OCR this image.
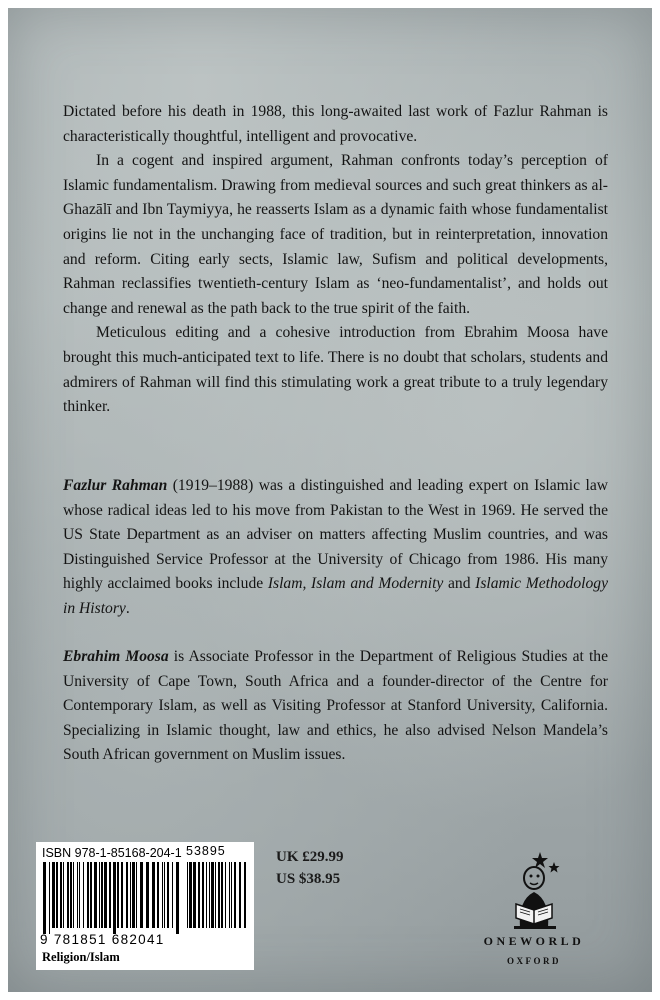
Dictated before his death in 1988, this long-awaited last work of Fazlur Rahman is characteristically thoughtful, intelligent and provocative.

In a cogent and inspired argument, Rahman confronts today’s perception of Islamic fundamentalism. Drawing from medieval sources and such great thinkers as al-Ghazālī and Ibn Taymiyya, he reasserts Islam as a dynamic faith whose fundamentalist origins lie not in the unchanging face of tradition, but in reinterpretation, innovation and reform. Citing early sects, Islamic law, Sufism and political developments, Rahman reclassifies twentieth-century Islam as ‘neo-fundamentalist’, and holds out change and renewal as the path back to the true spirit of the faith.

Meticulous editing and a cohesive introduction from Ebrahim Moosa have brought this much-anticipated text to life. There is no doubt that scholars, students and admirers of Rahman will find this stimulating work a great tribute to a truly legendary thinker.

Fazlur Rahman (1919–1988) was a distinguished and leading expert on Islamic law whose radical ideas led to his move from Pakistan to the West in 1969. He served the US State Department as an adviser on matters affecting Muslim countries, and was Distinguished Service Professor at the University of Chicago from 1986. His many highly acclaimed books include Islam, Islam and Modernity and Islamic Methodology in History.

Ebrahim Moosa is Associate Professor in the Department of Religious Studies at the University of Cape Town, South Africa and a founder-director of the Centre for Contemporary Islam, as well as Visiting Professor at Stanford University, California. Specializing in Islamic thought, law and ethics, he also advised Nelson Mandela’s South African government on Muslim issues.

ISBN 978-1-85168-204-1 53895
9 781851 682041
Religion/Islam
UK £29.99
US $38.95
ONEWORLD
OXFORD
